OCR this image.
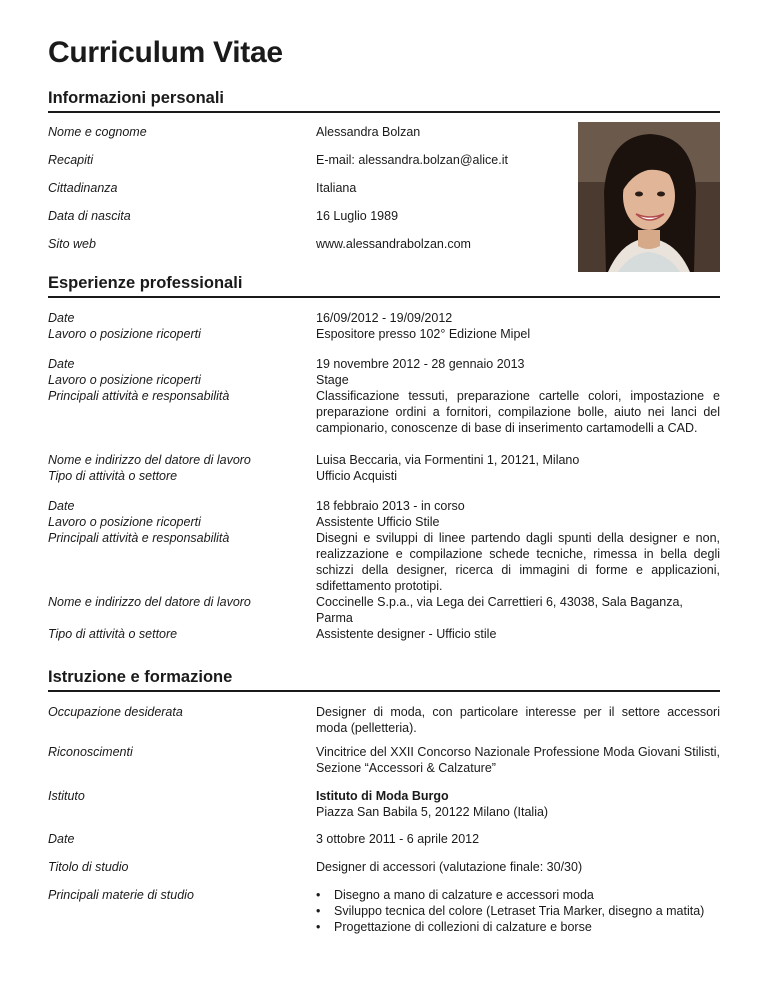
Curriculum Vitae
Informazioni personali
Nome e cognome	Alessandra Bolzan
Recapiti	E-mail: alessandra.bolzan@alice.it
Cittadinanza	Italiana
Data di nascita	16 Luglio 1989
Sito web	www.alessandrabolzan.com
Esperienze professionali
Date	16/09/2012 - 19/09/2012
Lavoro o posizione ricoperti	Espositore presso 102° Edizione Mipel
Date	19 novembre 2012 - 28 gennaio 2013
Lavoro o posizione ricoperti	Stage
Principali attività e responsabilità	Classificazione tessuti, preparazione cartelle colori, impostazione e preparazione ordini a fornitori, compilazione bolle, aiuto nei lanci del campionario, conoscenze di base di inserimento cartamodelli a CAD.
Nome e indirizzo del datore di lavoro	Luisa Beccaria, via Formentini 1, 20121, Milano
Tipo di attività o settore	Ufficio Acquisti
Date	18 febbraio 2013 - in corso
Lavoro o posizione ricoperti	Assistente Ufficio Stile
Principali attività e responsabilità	Disegni e sviluppi di linee partendo dagli spunti della designer e non, realizzazione e compilazione schede tecniche, rimessa in bella degli schizzi della designer, ricerca di immagini di forme e applicazioni, sdifettamento prototipi.
Nome e indirizzo del datore di lavoro	Coccinelle S.p.a., via Lega dei Carrettieri 6, 43038, Sala Baganza, Parma
Tipo di attività o settore	Assistente designer - Ufficio stile
Istruzione e formazione
Occupazione desiderata	Designer di moda, con particolare interesse per il settore accessori moda (pelletteria).
Riconoscimenti	Vincitrice del XXII Concorso Nazionale Professione Moda Giovani Stilisti, Sezione “Accessori & Calzature”
Istituto	Istituto di Moda Burgo
Piazza San Babila 5, 20122 Milano (Italia)
Date	3 ottobre 2011 - 6 aprile 2012
Titolo di studio	Designer di accessori (valutazione finale: 30/30)
Principali materie di studio
•	Disegno a mano di calzature e accessori moda
• Sviluppo tecnica del colore (Letraset Tria Marker, disegno a matita)
• Progettazione di collezioni di calzature e borse
